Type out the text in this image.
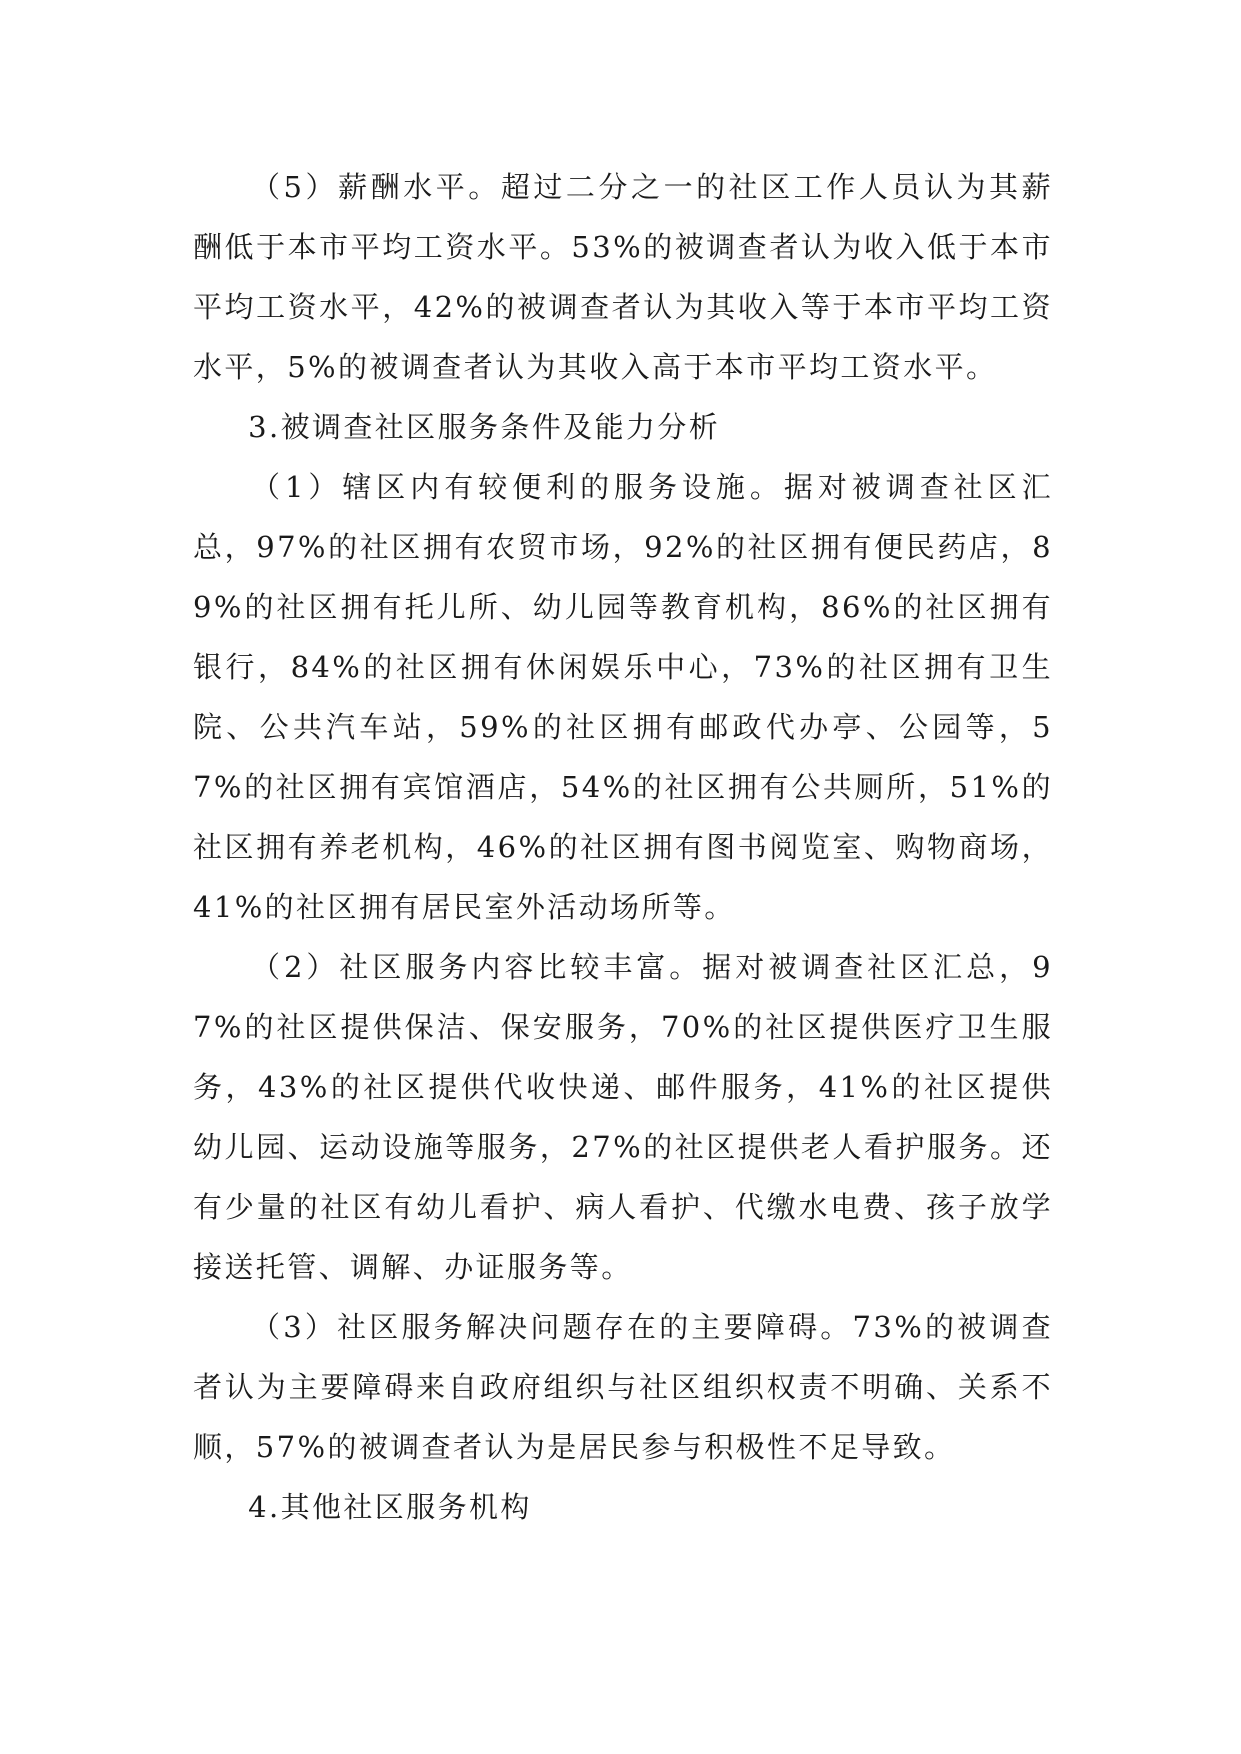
（5）薪酬水平。超过二分之一的社区工作人员认为其薪酬低于本市平均工资水平。53%的被调查者认为收入低于本市平均工资水平，42%的被调查者认为其收入等于本市平均工资水平，5%的被调查者认为其收入高于本市平均工资水平。

3.被调查社区服务条件及能力分析

（1）辖区内有较便利的服务设施。据对被调查社区汇总，97%的社区拥有农贸市场，92%的社区拥有便民药店，89%的社区拥有托儿所、幼儿园等教育机构，86%的社区拥有银行，84%的社区拥有休闲娱乐中心，73%的社区拥有卫生院、公共汽车站，59%的社区拥有邮政代办亭、公园等，57%的社区拥有宾馆酒店，54%的社区拥有公共厕所，51%的社区拥有养老机构，46%的社区拥有图书阅览室、购物商场，41%的社区拥有居民室外活动场所等。

（2）社区服务内容比较丰富。据对被调查社区汇总，97%的社区提供保洁、保安服务，70%的社区提供医疗卫生服务，43%的社区提供代收快递、邮件服务，41%的社区提供幼儿园、运动设施等服务，27%的社区提供老人看护服务。还有少量的社区有幼儿看护、病人看护、代缴水电费、孩子放学接送托管、调解、办证服务等。

（3）社区服务解决问题存在的主要障碍。73%的被调查者认为主要障碍来自政府组织与社区组织权责不明确、关系不顺，57%的被调查者认为是居民参与积极性不足导致。

4.其他社区服务机构
